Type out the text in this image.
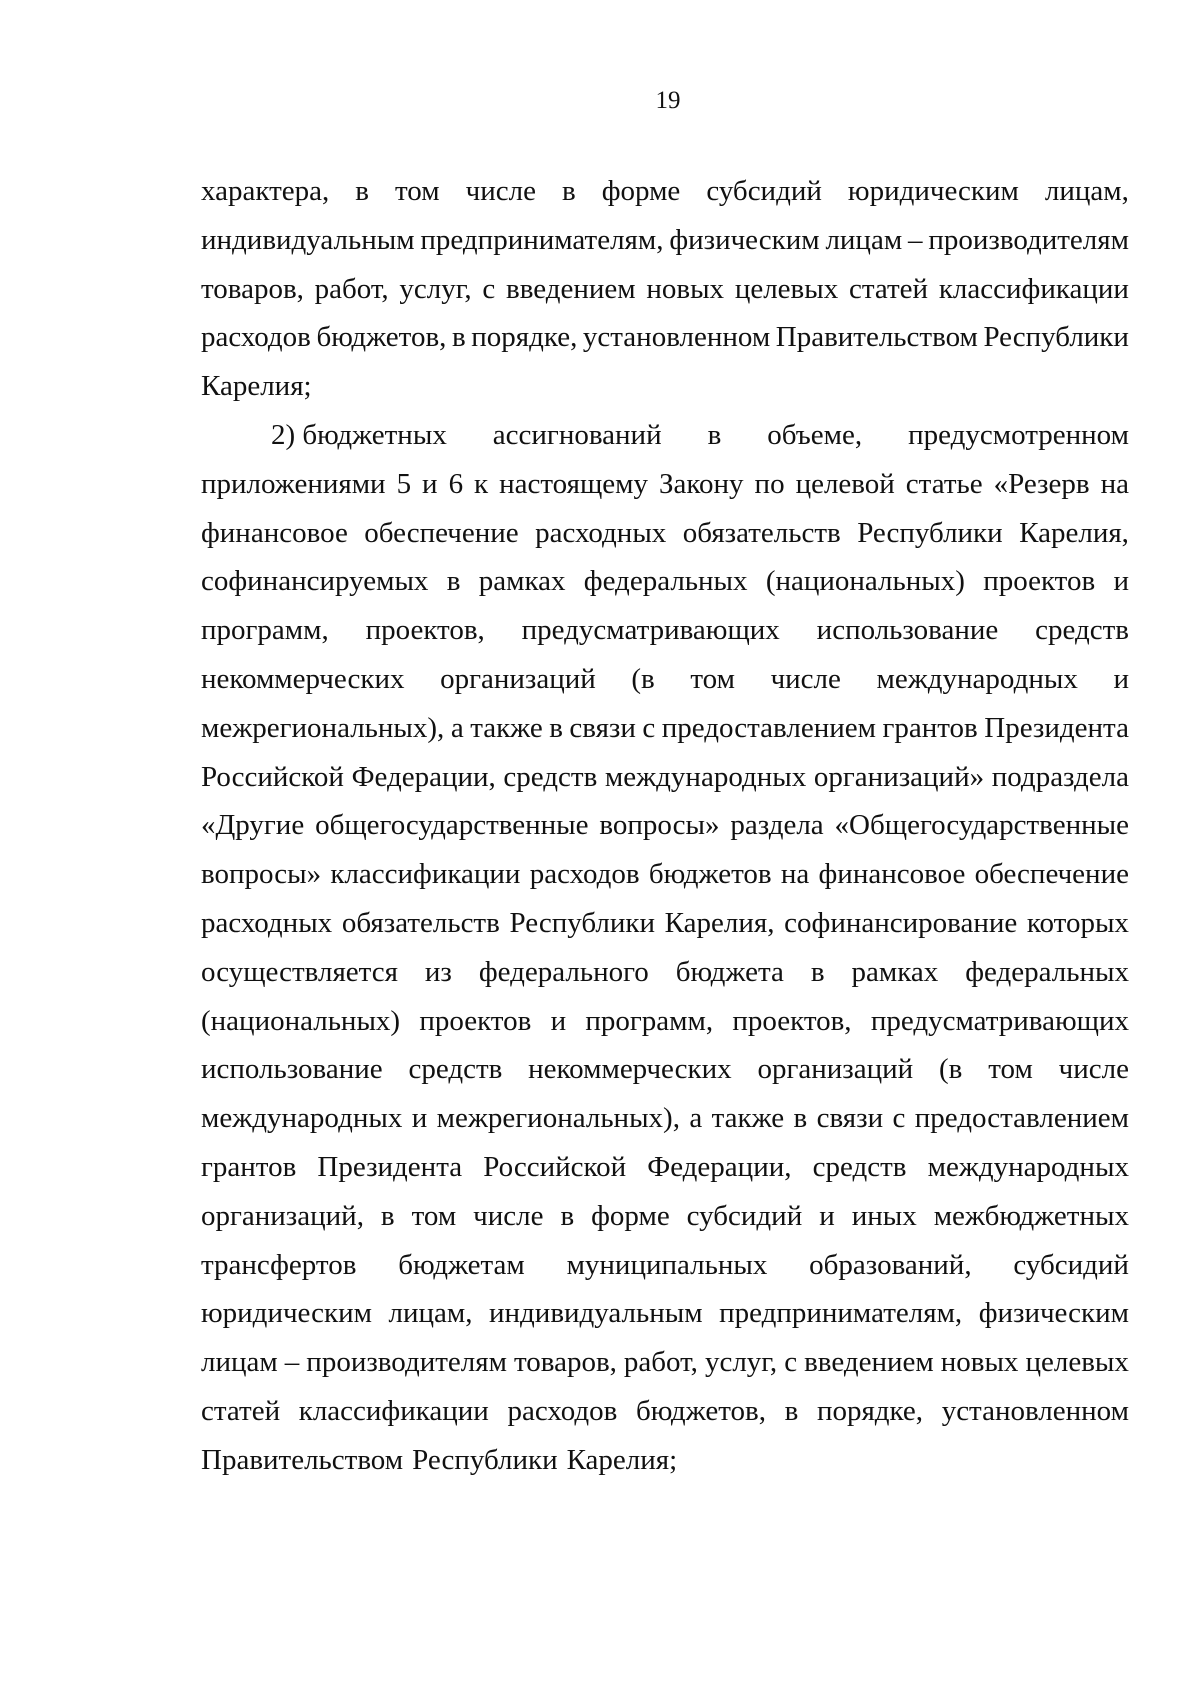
19
характера, в том числе в форме субсидий юридическим лицам,
индивидуальным предпринимателям, физическим лицам – производителям
товаров, работ, услуг, с введением новых целевых статей классификации
расходов бюджетов, в порядке, установленном Правительством Республики
Карелия;
2) бюджетных ассигнований в объеме, предусмотренном
приложениями 5 и 6 к настоящему Закону по целевой статье «Резерв на
финансовое обеспечение расходных обязательств Республики Карелия,
софинансируемых в рамках федеральных (национальных) проектов и
программ, проектов, предусматривающих использование средств
некоммерческих организаций (в том числе международных и
межрегиональных), а также в связи с предоставлением грантов Президента
Российской Федерации, средств международных организаций» подраздела
«Другие общегосударственные вопросы» раздела «Общегосударственные
вопросы» классификации расходов бюджетов на финансовое обеспечение
расходных обязательств Республики Карелия, софинансирование которых
осуществляется из федерального бюджета в рамках федеральных
(национальных) проектов и программ, проектов, предусматривающих
использование средств некоммерческих организаций (в том числе
международных и межрегиональных), а также в связи с предоставлением
грантов Президента Российской Федерации, средств международных
организаций, в том числе в форме субсидий и иных межбюджетных
трансфертов бюджетам муниципальных образований, субсидий
юридическим лицам, индивидуальным предпринимателям, физическим
лицам – производителям товаров, работ, услуг, с введением новых целевых
статей классификации расходов бюджетов, в порядке, установленном
Правительством Республики Карелия;
